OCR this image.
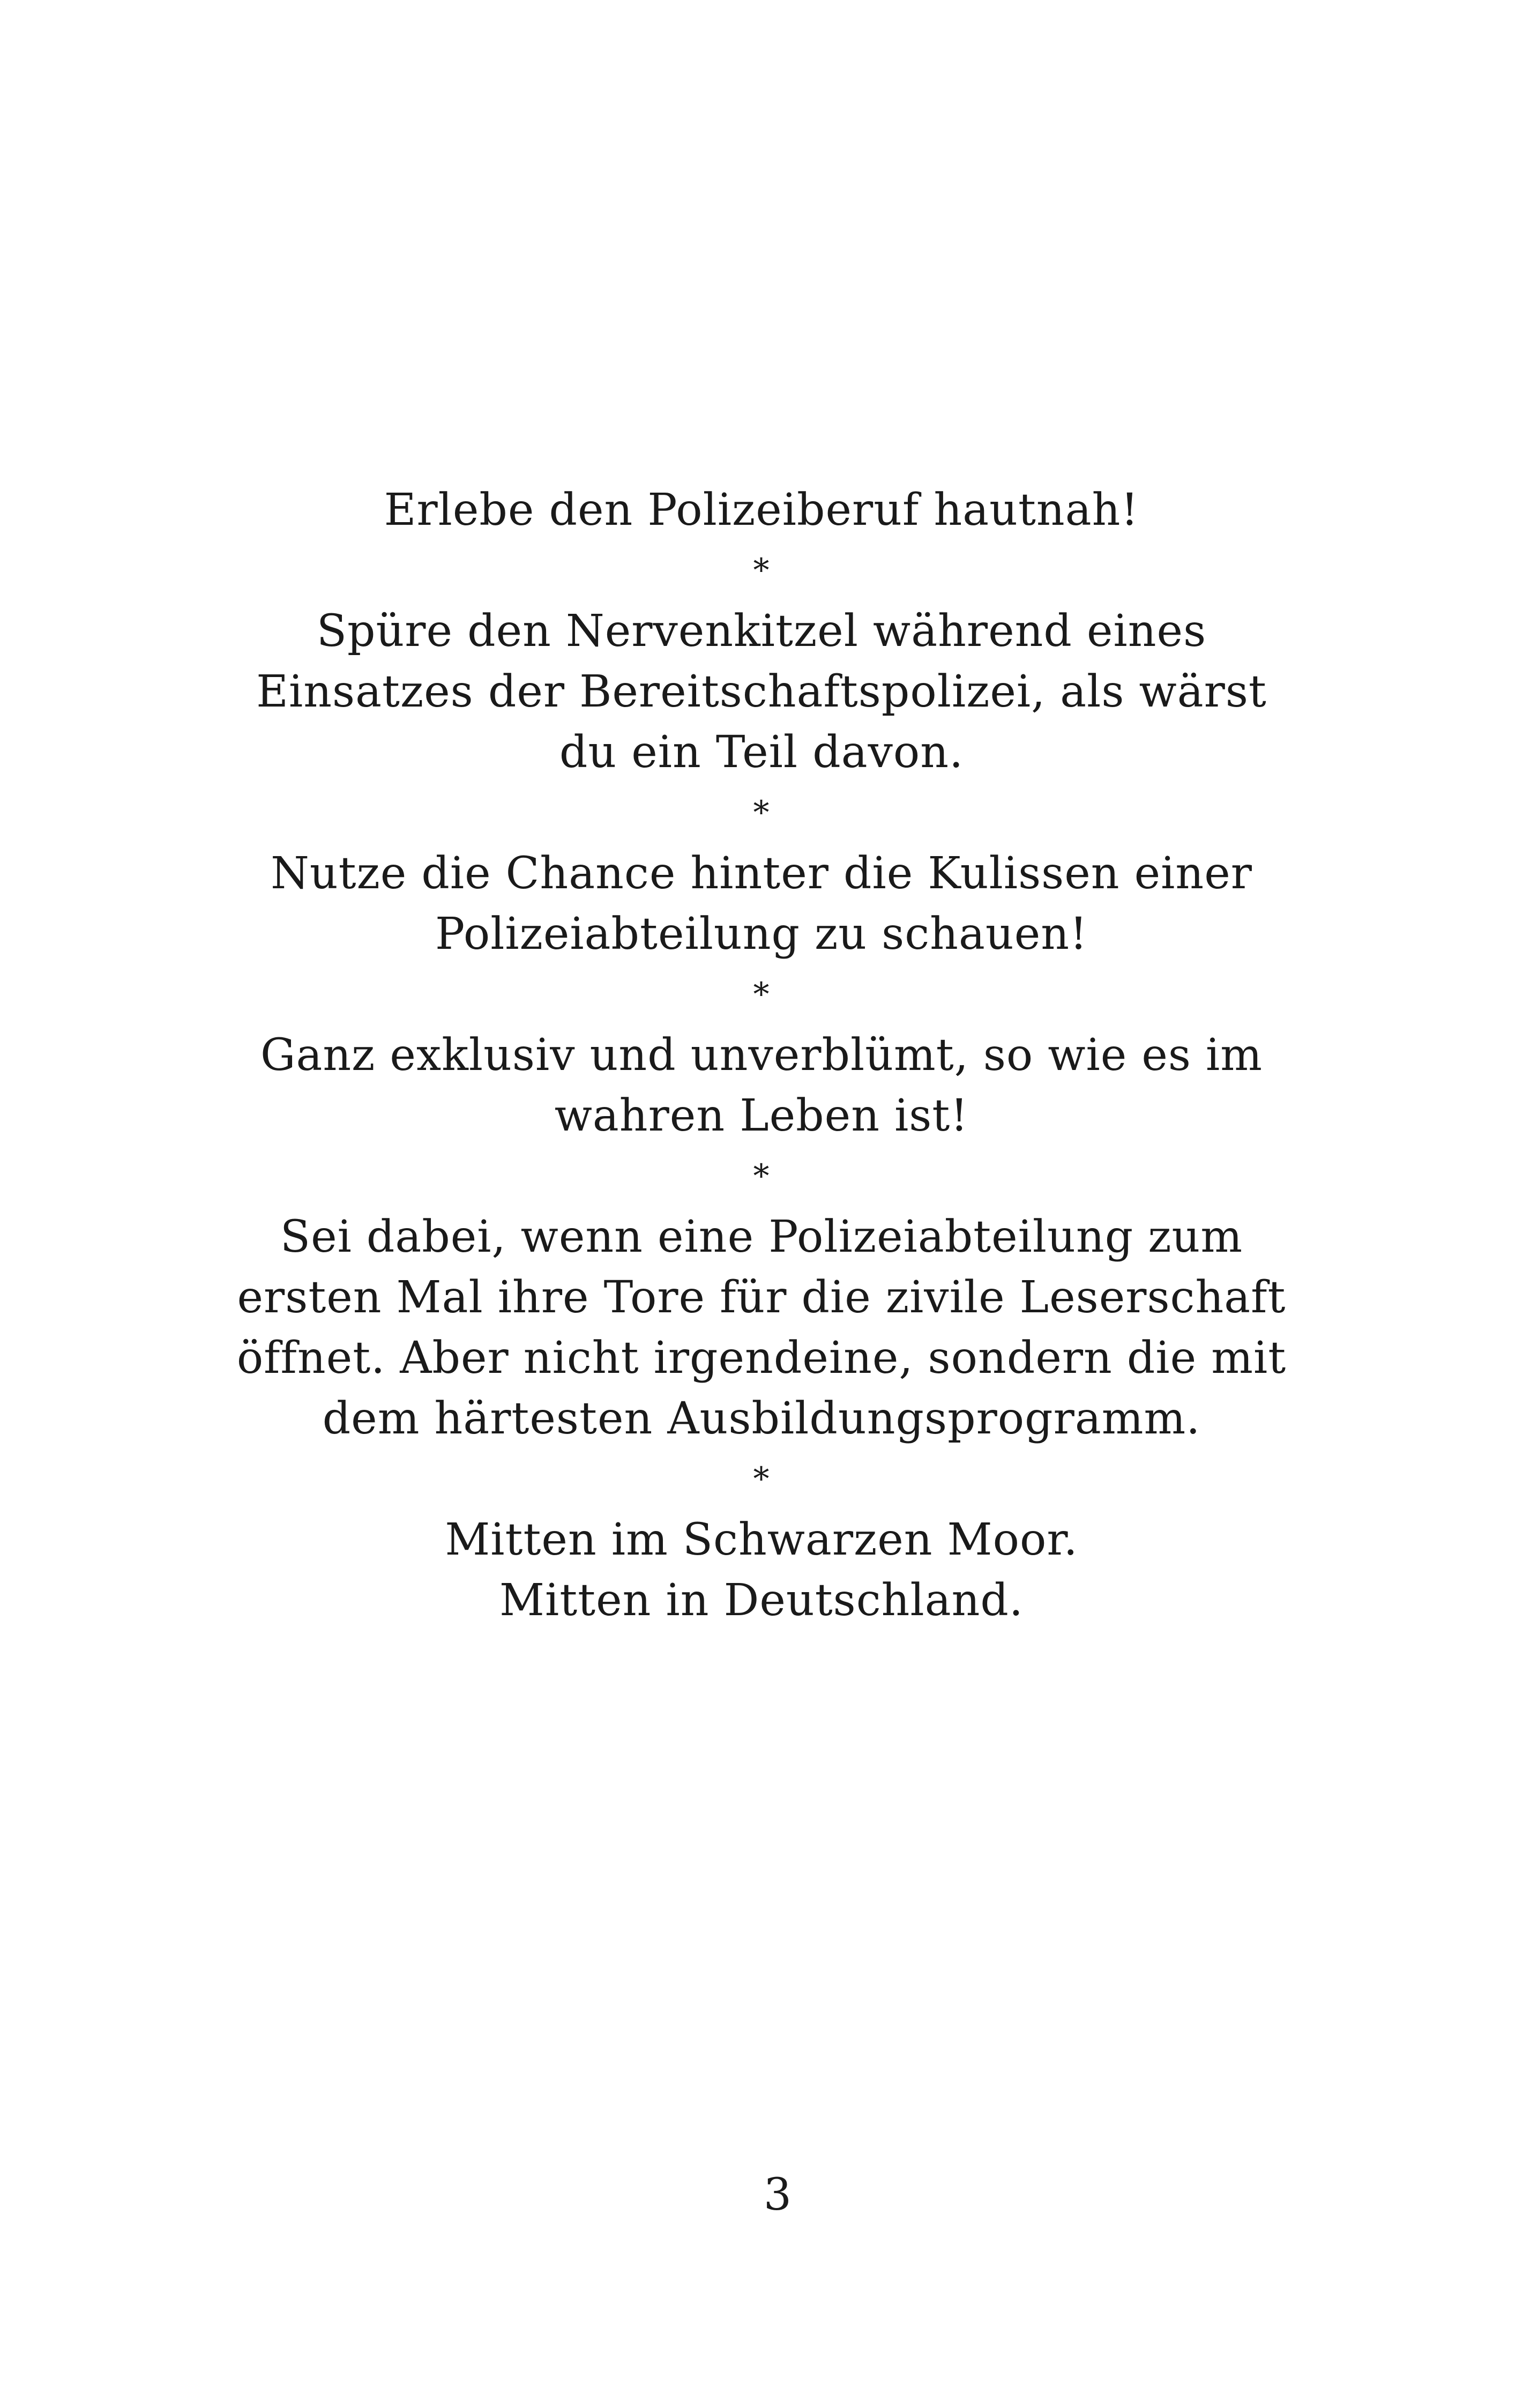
Erlebe den Polizeiberuf hautnah!
*
Spüre den Nervenkitzel während eines
Einsatzes der Bereitschaftspolizei, als wärst
du ein Teil davon.
*
Nutze die Chance hinter die Kulissen einer
Polizeiabteilung zu schauen!
*
Ganz exklusiv und unverblümt, so wie es im
wahren Leben ist!
*
Sei dabei, wenn eine Polizeiabteilung zum
ersten Mal ihre Tore für die zivile Leserschaft
öffnet. Aber nicht irgendeine, sondern die mit
dem härtesten Ausbildungsprogramm.
*
Mitten im Schwarzen Moor.
Mitten in Deutschland.
3
